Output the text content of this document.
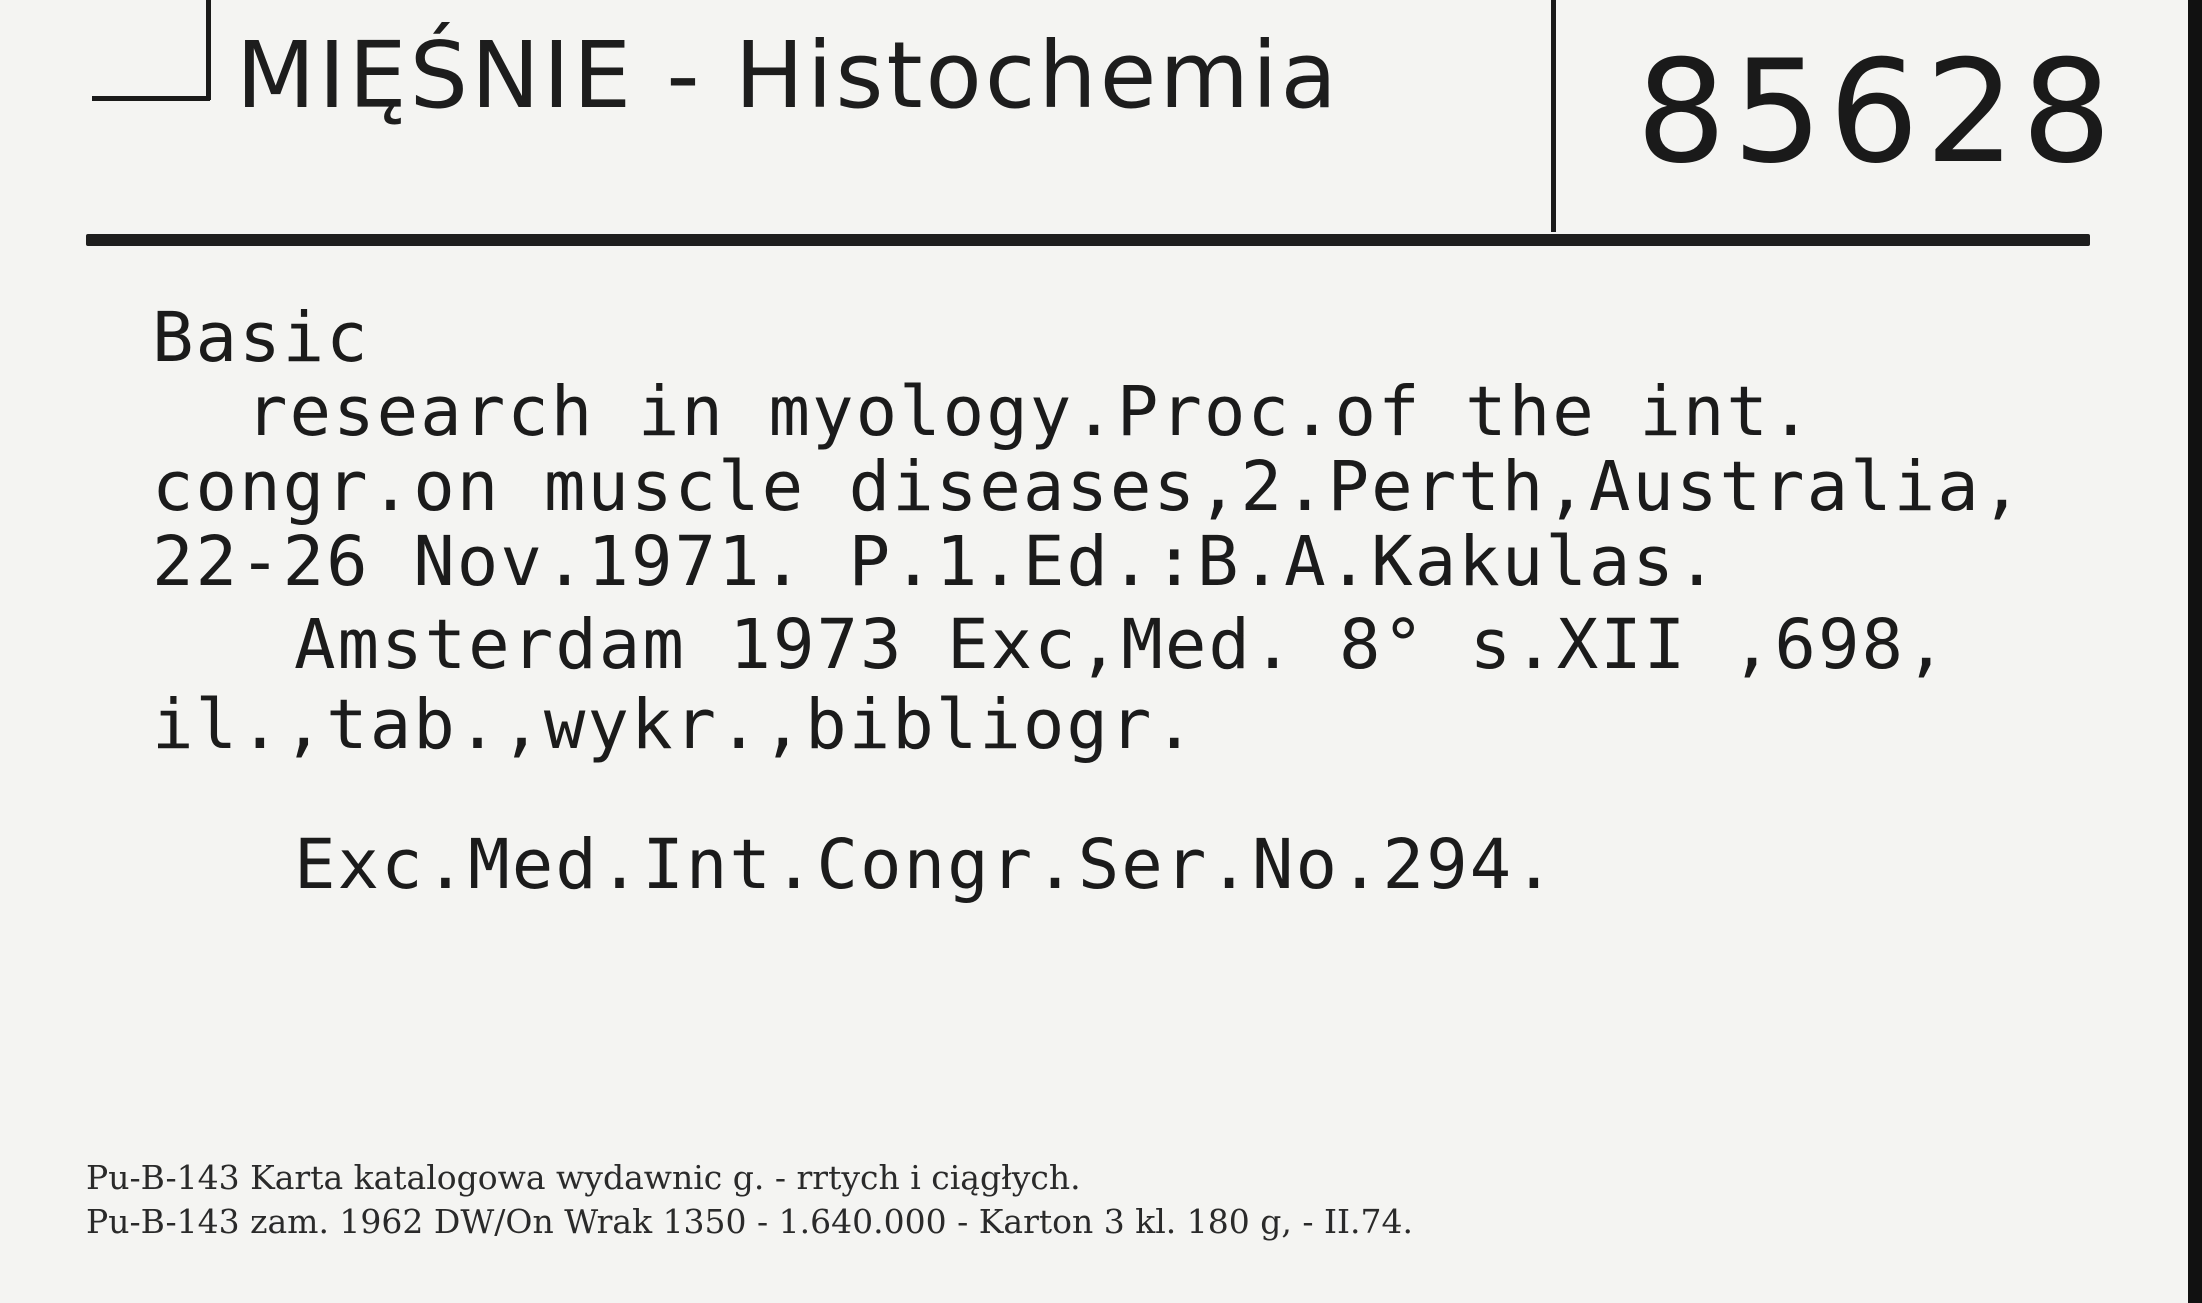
MIĘŚNIE - Histochemia 85628
Basic
research in myology.Proc.of the int.
congr.on muscle diseases,2.Perth,Australia,
22-26 Nov.1971. P.1.Ed.:B.A.Kakulas.
Amsterdam 1973 Exc,Med. 8° s.XII ,698,
il.,tab.,wykr.,bibliogr.
Exc.Med.Int.Congr.Ser.No.294.
Pu-B-143 Karta katalogowa wydawnic g. - rrtych i ciągłych.
Pu-B-143 zam. 1962 DW/On Wrak 1350 - 1.640.000 - Karton 3 kl. 180 g, - II.74.
